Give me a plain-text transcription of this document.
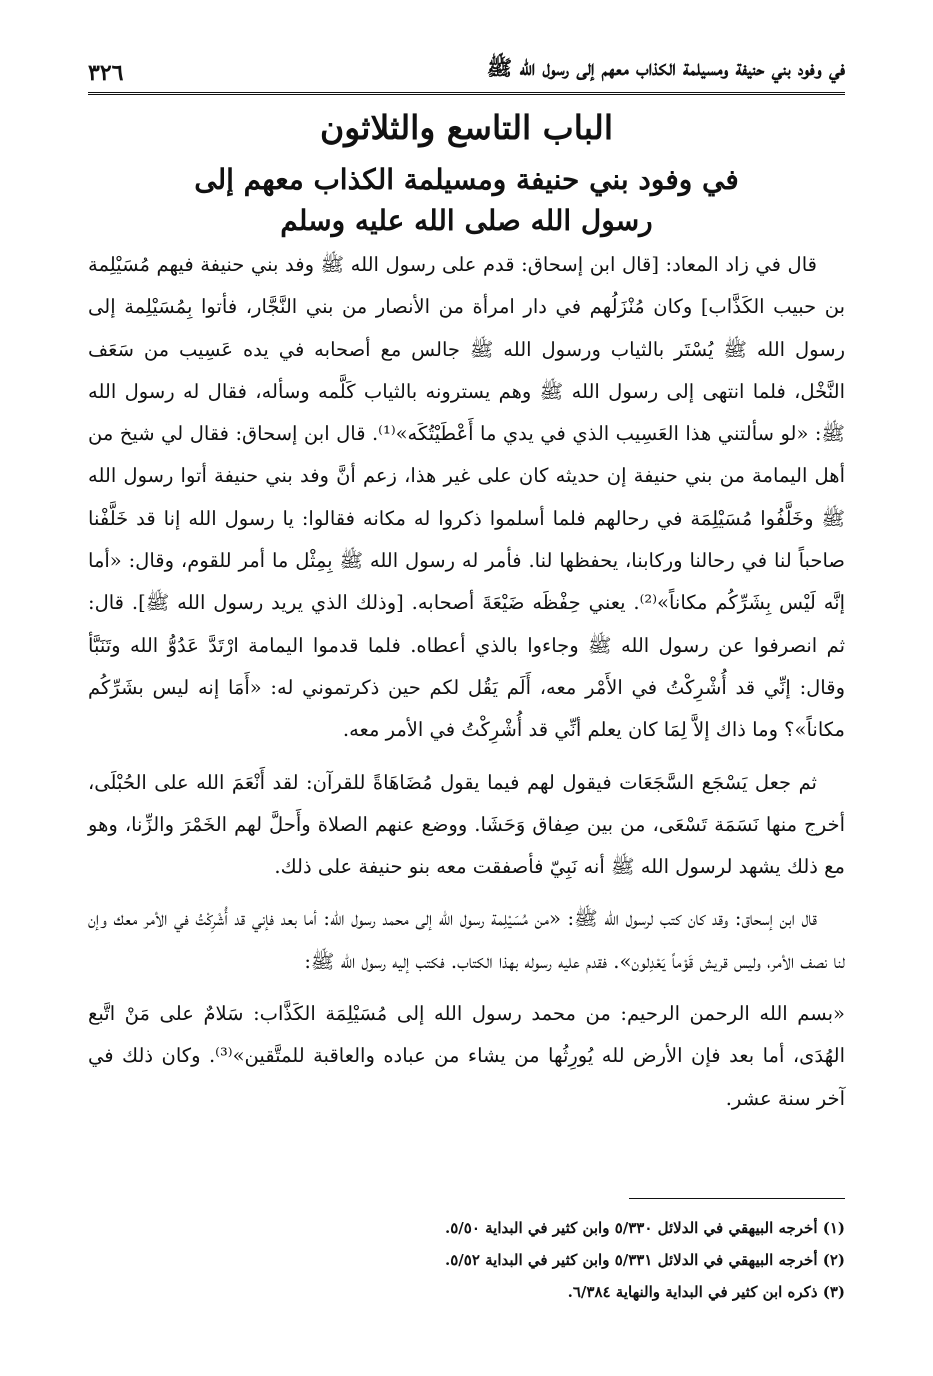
في وفود بني حنيفة ومسيلمة الكذاب معهم إلى رسول الله ﷺ
٣٢٦
الباب التاسع والثلاثون
في وفود بني حنيفة ومسيلمة الكذاب معهم إلى
رسول الله صلى الله عليه وسلم

قال في زاد المعاد: [قال ابن إسحاق: قدم على رسول الله ﷺ وفد بني حنيفة فيهم مُسَيْلِمة بن حبيب الكَذَّاب] وكان مُنْزَلُهم في دار امرأة من الأنصار من بني النَّجَّار، فأتوا بِمُسَيْلِمة إلى رسول الله ﷺ يُسْتَر بالثياب ورسول الله ﷺ جالس مع أصحابه في يده عَسِيب من سَعَف النَّخْل، فلما انتهى إلى رسول الله ﷺ وهم يسترونه بالثياب كَلَّمه وسأله، فقال له رسول الله ﷺ: «لو سألتني هذا العَسِيب الذي في يدي ما أَعْطَيْتُكَه»⁽¹⁾. قال ابن إسحاق: فقال لي شيخ من أهل اليمامة من بني حنيفة إن حديثه كان على غير هذا، زعم أنَّ وفد بني حنيفة أتوا رسول الله ﷺ وخَلَّفُوا مُسَيْلِمَة في رحالهم فلما أسلموا ذكروا له مكانه فقالوا: يا رسول الله إنا قد خَلَّفْنا صاحباً لنا في رحالنا وركابنا، يحفظها لنا. فأمر له رسول الله ﷺ بِمِثْل ما أمر للقوم، وقال: «أما إنَّه لَيْس بِشَرِّكُم مكاناً»⁽²⁾. يعني حِفْظَه ضَيْعَةَ أصحابه. [وذلك الذي يريد رسول الله ﷺ]. قال: ثم انصرفوا عن رسول الله ﷺ وجاءوا بالذي أعطاه. فلما قدموا اليمامة ارْتَدَّ عَدُوُّ الله وتَنَبَّأ وقال: إنِّي قد أُشْرِكْتُ في الأَمْر معه، أَلَم يَقُل لكم حين ذكرتموني له: «أَمَا إنه ليس بشَرِّكُم مكاناً»؟ وما ذاك إلاَّ لِمَا كان يعلم أنِّي قد أُشْرِكْتُ في الأمر معه.

ثم جعل يَسْجَع السَّجَعَات فيقول لهم فيما يقول مُضَاهَاةً للقرآن: لقد أَنْعَمَ الله على الحُبْلَى، أخرج منها نَسَمَة تَسْعَى، من بين صِفاق وَحَشَا. ووضع عنهم الصلاة وأَحلَّ لهم الخَمْرَ والزِّنا، وهو مع ذلك يشهد لرسول الله ﷺ أنه نَبِيّ فأصفقت معه بنو حنيفة على ذلك.

قال ابن إسحاق: وقد كان كتب لرسول الله ﷺ: «من مُسَيْلِمة رسول الله إلى محمد رسول الله: أما بعد فإني قد أُشْرِكْتُ في الأمر معك وإن لنا نصف الأمر، وليس قريش قَوْماً يَعْدِلون». فقدم عليه رسوله بهذا الكتاب. فكتب إليه رسول الله ﷺ:

«بسم الله الرحمن الرحيم: من محمد رسول الله إلى مُسَيْلِمَة الكَذَّاب: سَلامٌ على مَنْ اتَّبع الهُدَى، أما بعد فإن الأرض لله يُورِثُها من يشاء من عباده والعاقبة للمتَّقين»⁽³⁾. وكان ذلك في آخر سنة عشر.

(١) أخرجه البيهقي في الدلائل ٥/٣٣٠ وابن كثير في البداية ٥/٥٠.
(٢) أخرجه البيهقي في الدلائل ٥/٣٣١ وابن كثير في البداية ٥/٥٢.
(٣) ذكره ابن كثير في البداية والنهاية ٦/٣٨٤.
